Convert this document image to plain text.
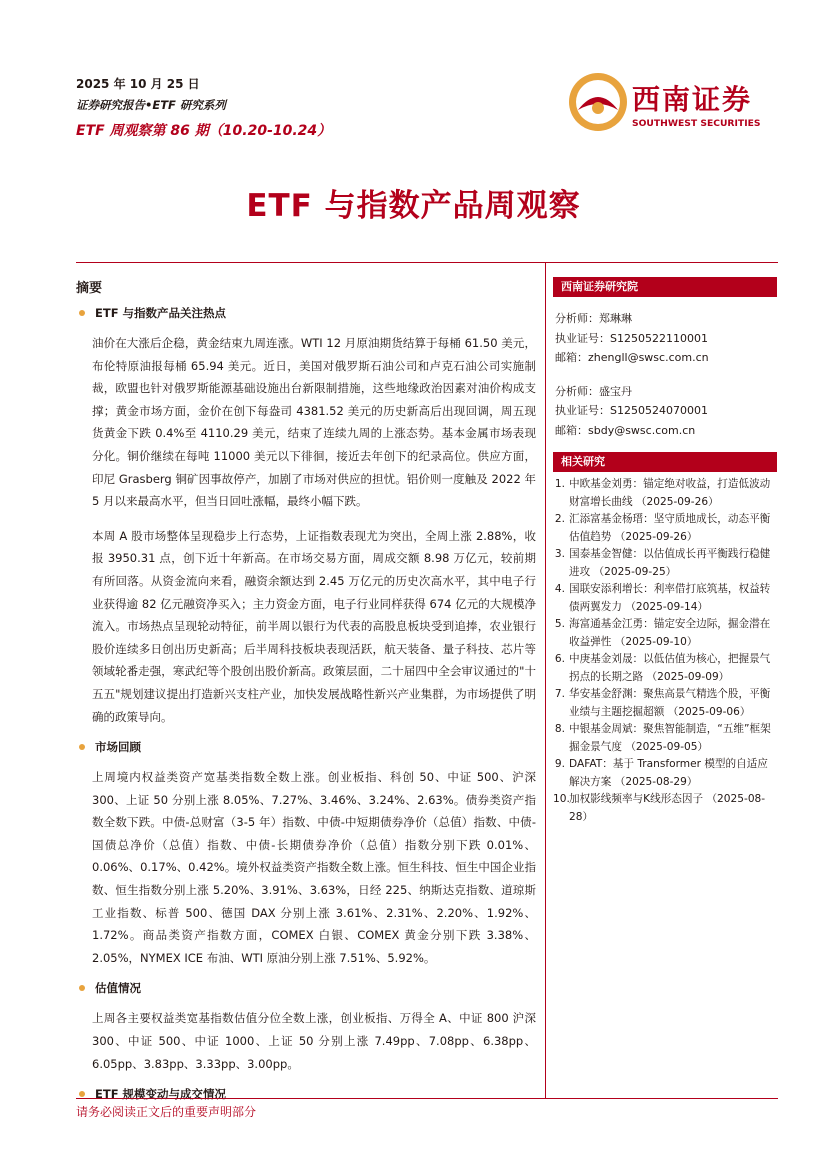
2025 年 10 月 25 日
证券研究报告•ETF 研究系列
ETF 周观察第 86 期（10.20-10.24）
西南证券
SOUTHWEST SECURITIES
ETF 与指数产品周观察
摘要
ETF 与指数产品关注热点

油价在大涨后企稳，黄金结束九周连涨。WTI 12 月原油期货结算于每桶 61.50 美元，布伦特原油报每桶 65.94 美元。近日，美国对俄罗斯石油公司和卢克石油公司实施制裁，欧盟也针对俄罗斯能源基础设施出台新限制措施，这些地缘政治因素对油价构成支撑；黄金市场方面，金价在创下每盎司 4381.52 美元的历史新高后出现回调，周五现货黄金下跌 0.4%至 4110.29 美元，结束了连续九周的上涨态势。基本金属市场表现分化。铜价继续在每吨 11000 美元以下徘徊，接近去年创下的纪录高位。供应方面，印尼 Grasberg 铜矿因事故停产，加剧了市场对供应的担忧。铝价则一度触及 2022 年 5 月以来最高水平，但当日回吐涨幅，最终小幅下跌。

本周 A 股市场整体呈现稳步上行态势，上证指数表现尤为突出，全周上涨 2.88%，收报 3950.31 点，创下近十年新高。在市场交易方面，周成交额 8.98 万亿元，较前期有所回落。从资金流向来看，融资余额达到 2.45 万亿元的历史次高水平，其中电子行业获得逾 82 亿元融资净买入；主力资金方面，电子行业同样获得 674 亿元的大规模净流入。市场热点呈现轮动特征，前半周以银行为代表的高股息板块受到追捧，农业银行股价连续多日创出历史新高；后半周科技板块表现活跃，航天装备、量子科技、芯片等领域轮番走强，寒武纪等个股创出股价新高。政策层面，二十届四中全会审议通过的"十五五"规划建议提出打造新兴支柱产业，加快发展战略性新兴产业集群，为市场提供了明确的政策导向。

市场回顾

上周境内权益类资产宽基类指数全数上涨。创业板指、科创 50、中证 500、沪深 300、上证 50 分别上涨 8.05%、7.27%、3.46%、3.24%、2.63%。债券类资产指数全数下跌。中债-总财富（3-5 年）指数、中债-中短期债券净价（总值）指数、中债-国债总净价（总值）指数、中债-长期债券净价（总值）指数分别下跌 0.01%、0.06%、0.17%、0.42%。境外权益类资产指数全数上涨。恒生科技、恒生中国企业指数、恒生指数分别上涨 5.20%、3.91%、3.63%，日经 225、纳斯达克指数、道琼斯工业指数、标普 500、德国 DAX 分别上涨 3.61%、2.31%、2.20%、1.92%、1.72%。商品类资产指数方面，COMEX 白银、COMEX 黄金分别下跌 3.38%、2.05%，NYMEX ICE 布油、WTI 原油分别上涨 7.51%、5.92%。

估值情况

上周各主要权益类宽基指数估值分位全数上涨，创业板指、万得全 A、中证 800 沪深 300、中证 500、中证 1000、上证 50 分别上涨 7.49pp、7.08pp、6.38pp、6.05pp、3.83pp、3.33pp、3.00pp。

ETF 规模变动与成交情况
西南证券研究院
分析师：郑琳琳
执业证号：S1250522110001
邮箱：zhengll@swsc.com.cn
分析师：盛宝丹
执业证号：S1250524070001
邮箱：sbdy@swsc.com.cn
相关研究
1. 中欧基金刘勇：锚定绝对收益，打造低波动财富增长曲线 （2025-09-26）
2. 汇添富基金杨瑨：坚守质地成长，动态平衡估值趋势 （2025-09-26）
3. 国泰基金智健：以估值成长再平衡践行稳健进攻 （2025-09-25）
4. 国联安添利增长：利率借打底筑基，权益转债两翼发力 （2025-09-14）
5. 海富通基金江勇：锚定安全边际，掘金潜在收益弹性 （2025-09-10）
6. 中庚基金刘晟：以低估值为核心，把握景气拐点的长期之路 （2025-09-09）
7. 华安基金舒渊：聚焦高景气精选个股，平衡业绩与主题挖掘超额 （2025-09-06）
8. 中银基金周斌：聚焦智能制造，“五维”框架掘金景气度 （2025-09-05）
9. DAFAT：基于 Transformer 模型的自适应解决方案 （2025-08-29）
10. 加权影线频率与K线形态因子 （2025-08-28）
请务必阅读正文后的重要声明部分
